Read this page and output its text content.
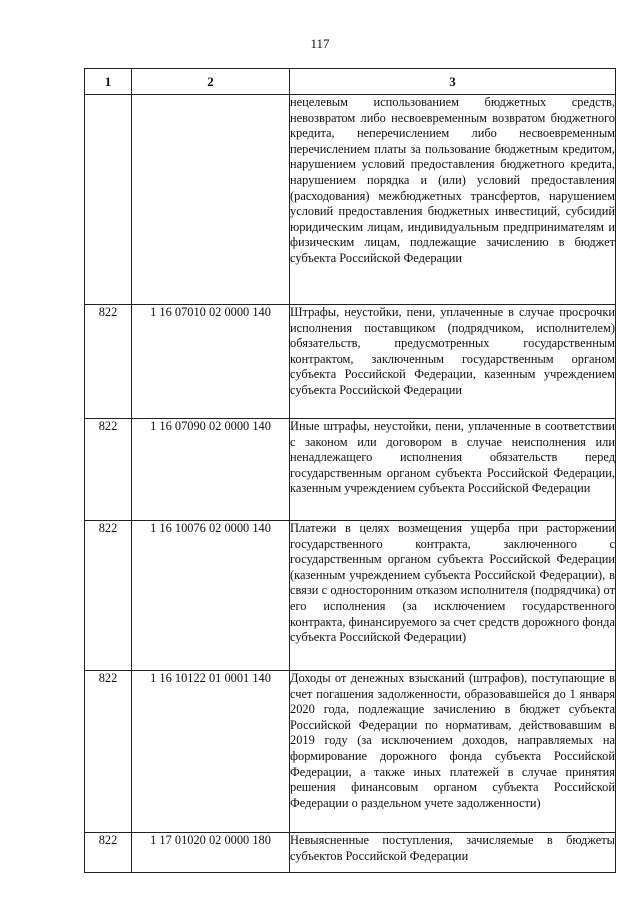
117
1	2	3

		нецелевым использованием бюджетных средств, невозвратом либо несвоевременным возвратом бюджетного кредита, неперечислением либо несвоевременным перечислением платы за пользование бюджетным кредитом, нарушением условий предоставления бюджетного кредита, нарушением порядка и (или) условий предоставления (расходования) межбюджетных трансфертов, нарушением условий предоставления бюджетных инвестиций, субсидий юридическим лицам, индивидуальным предпринимателям и физическим лицам, подлежащие зачислению в бюджет субъекта Российской Федерации

822	1 16 07010 02 0000 140	Штрафы, неустойки, пени, уплаченные в случае просрочки исполнения поставщиком (подрядчиком, исполнителем) обязательств, предусмотренных государственным контрактом, заключенным государственным органом субъекта Российской Федерации, казенным учреждением субъекта Российской Федерации

822	1 16 07090 02 0000 140	Иные штрафы, неустойки, пени, уплаченные в соответствии с законом или договором в случае неисполнения или ненадлежащего исполнения обязательств перед государственным органом субъекта Российской Федерации, казенным учреждением субъекта Российской Федерации

822	1 16 10076 02 0000 140	Платежи в целях возмещения ущерба при расторжении государственного контракта, заключенного с государственным органом субъекта Российской Федерации (казенным учреждением субъекта Российской Федерации), в связи с односторонним отказом исполнителя (подрядчика) от его исполнения (за исключением государственного контракта, финансируемого за счет средств дорожного фонда субъекта Российской Федерации)

822	1 16 10122 01 0001 140	Доходы от денежных взысканий (штрафов), поступающие в счет погашения задолженности, образовавшейся до 1 января 2020 года, подлежащие зачислению в бюджет субъекта Российской Федерации по нормативам, действовавшим в 2019 году (за исключением доходов, направляемых на формирование дорожного фонда субъекта Российской Федерации, а также иных платежей в случае принятия решения финансовым органом субъекта Российской Федерации о раздельном учете задолженности)

822	1 17 01020 02 0000 180	Невыясненные поступления, зачисляемые в бюджеты субъектов Российской Федерации
